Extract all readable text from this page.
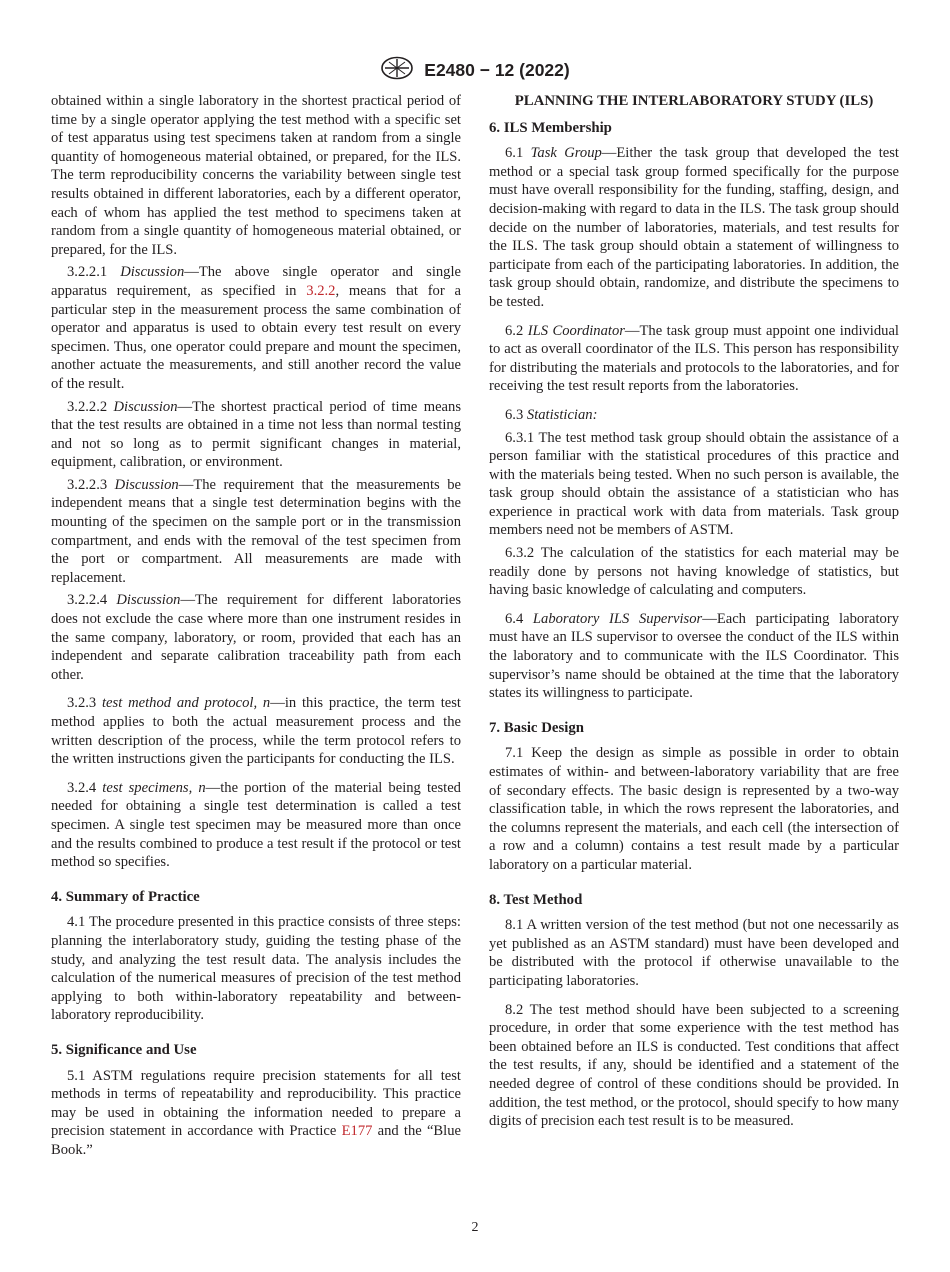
E2480 − 12 (2022)

obtained within a single laboratory in the shortest practical period of time by a single operator applying the test method with a specific set of test apparatus using test specimens taken at random from a single quantity of homogeneous material obtained, or prepared, for the ILS. The term reproducibility concerns the variability between single test results obtained in different laboratories, each by a different operator, each of whom has applied the test method to specimens taken at random from a single quantity of homogeneous material obtained, or prepared, for the ILS.

3.2.2.1 Discussion—The above single operator and single apparatus requirement, as specified in 3.2.2, means that for a particular step in the measurement process the same combination of operator and apparatus is used to obtain every test result on every specimen. Thus, one operator could prepare and mount the specimen, another actuate the measurements, and still another record the value of the result.

3.2.2.2 Discussion—The shortest practical period of time means that the test results are obtained in a time not less than normal testing and not so long as to permit significant changes in material, equipment, calibration, or environment.

3.2.2.3 Discussion—The requirement that the measurements be independent means that a single test determination begins with the mounting of the specimen on the sample port or in the transmission compartment, and ends with the removal of the test specimen from the port or compartment. All measurements are made with replacement.

3.2.2.4 Discussion—The requirement for different laboratories does not exclude the case where more than one instrument resides in the same company, laboratory, or room, provided that each has an independent and separate calibration traceability path from each other.

3.2.3 test method and protocol, n—in this practice, the term test method applies to both the actual measurement process and the written description of the process, while the term protocol refers to the written instructions given the participants for conducting the ILS.

3.2.4 test specimens, n—the portion of the material being tested needed for obtaining a single test determination is called a test specimen. A single test specimen may be measured more than once and the results combined to produce a test result if the protocol or test method so specifies.

4. Summary of Practice

4.1 The procedure presented in this practice consists of three steps: planning the interlaboratory study, guiding the testing phase of the study, and analyzing the test result data. The analysis includes the calculation of the numerical measures of precision of the test method applying to both within-laboratory repeatability and between-laboratory reproducibility.

5. Significance and Use

5.1 ASTM regulations require precision statements for all test methods in terms of repeatability and reproducibility. This practice may be used in obtaining the information needed to prepare a precision statement in accordance with Practice E177 and the “Blue Book.”

PLANNING THE INTERLABORATORY STUDY (ILS)
6. ILS Membership

6.1 Task Group—Either the task group that developed the test method or a special task group formed specifically for the purpose must have overall responsibility for the funding, staffing, design, and decision-making with regard to data in the ILS. The task group should decide on the number of laboratories, materials, and test results for the ILS. The task group should obtain a statement of willingness to participate from each of the participating laboratories. In addition, the task group should obtain, randomize, and distribute the specimens to be tested.

6.2 ILS Coordinator—The task group must appoint one individual to act as overall coordinator of the ILS. This person has responsibility for distributing the materials and protocols to the laboratories, and for receiving the test result reports from the laboratories.

6.3 Statistician:

6.3.1 The test method task group should obtain the assistance of a person familiar with the statistical procedures of this practice and with the materials being tested. When no such person is available, the task group should obtain the assistance of a statistician who has experience in practical work with data from materials. Task group members need not be members of ASTM.

6.3.2 The calculation of the statistics for each material may be readily done by persons not having knowledge of statistics, but having basic knowledge of calculating and computers.

6.4 Laboratory ILS Supervisor—Each participating laboratory must have an ILS supervisor to oversee the conduct of the ILS within the laboratory and to communicate with the ILS Coordinator. This supervisor’s name should be obtained at the time that the laboratory states its willingness to participate.

7. Basic Design

7.1 Keep the design as simple as possible in order to obtain estimates of within- and between-laboratory variability that are free of secondary effects. The basic design is represented by a two-way classification table, in which the rows represent the laboratories, and the columns represent the materials, and each cell (the intersection of a row and a column) contains a test result made by a particular laboratory on a particular material.

8. Test Method

8.1 A written version of the test method (but not one necessarily as yet published as an ASTM standard) must have been developed and be distributed with the protocol if otherwise unavailable to the participating laboratories.

8.2 The test method should have been subjected to a screening procedure, in order that some experience with the test method has been obtained before an ILS is conducted. Test conditions that affect the test results, if any, should be identified and a statement of the needed degree of control of these conditions should be provided. In addition, the test method, or the protocol, should specify to how many digits of precision each test result is to be measured.

2
